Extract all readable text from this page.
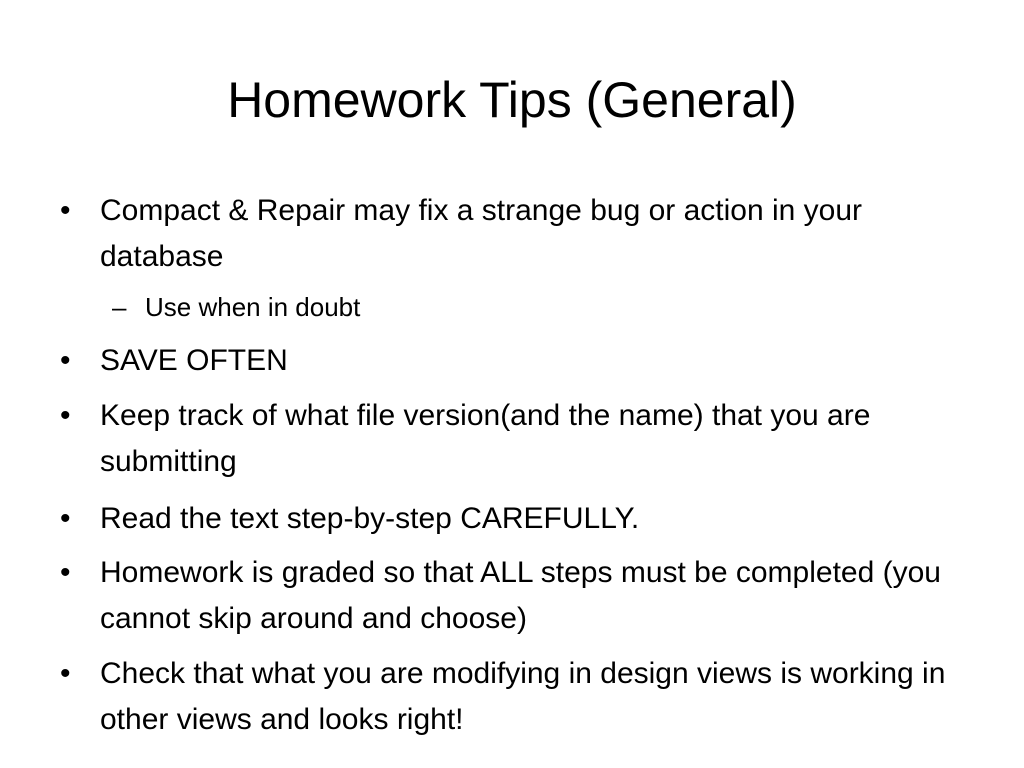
Homework Tips (General)
• Compact & Repair may fix a strange bug or action in your database
– Use when in doubt
• SAVE OFTEN
• Keep track of what file version(and the name) that you are submitting
• Read the text step-by-step CAREFULLY.
• Homework is graded so that ALL steps must be completed (you cannot skip around and choose)
• Check that what you are modifying in design views is working in other views and looks right!
